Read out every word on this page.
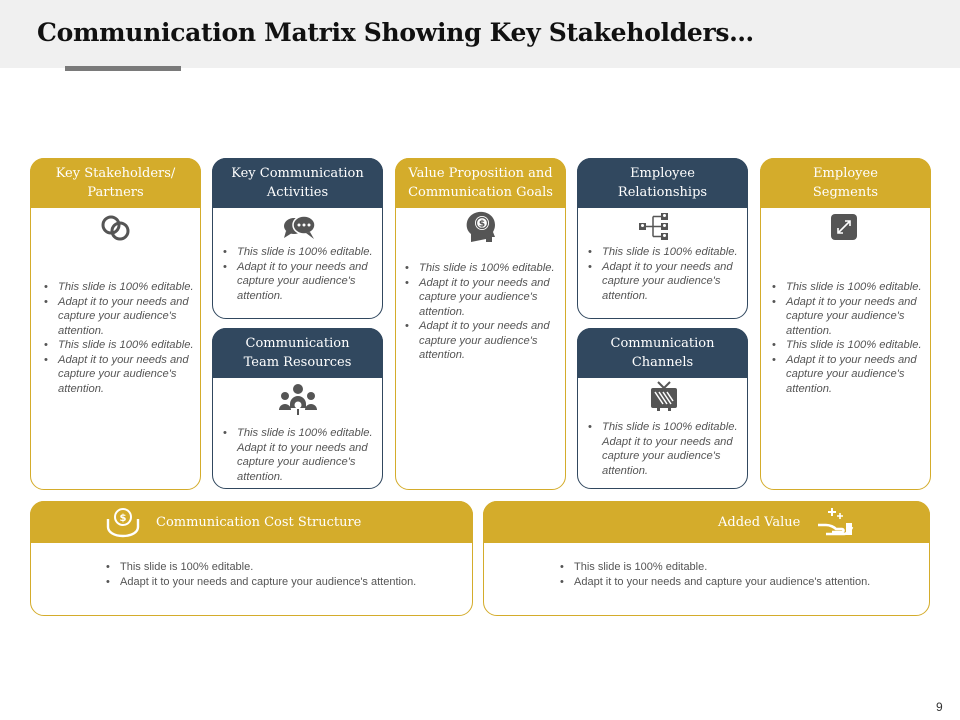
Communication Matrix Showing Key Stakeholders…
Key Stakeholders/
Partners
• This slide is 100% editable.
• Adapt it to your needs and capture your audience's attention.
• This slide is 100% editable.
• Adapt it to your needs and capture your audience's attention.
Key Communication
Activities
• This slide is 100% editable.
• Adapt it to your needs and capture your audience's attention.
Communication
Team Resources
• This slide is 100% editable. Adapt it to your needs and capture your audience's attention.
Value Proposition and
Communication Goals
$
• This slide is 100% editable.
• Adapt it to your needs and capture your audience's attention.
• Adapt it to your needs and capture your audience's attention.
Employee
Relationships
• This slide is 100% editable.
• Adapt it to your needs and capture your audience's attention.
Communication
Channels
• This slide is 100% editable. Adapt it to your needs and capture your audience's attention.
Employee
Segments
• This slide is 100% editable.
• Adapt it to your needs and capture your audience's attention.
• This slide is 100% editable.
• Adapt it to your needs and capture your audience's attention.
$ Communication Cost Structure
• This slide is 100% editable.
• Adapt it to your needs and capture your audience's attention.
Added Value
• This slide is 100% editable.
• Adapt it to your needs and capture your audience's attention.
9
